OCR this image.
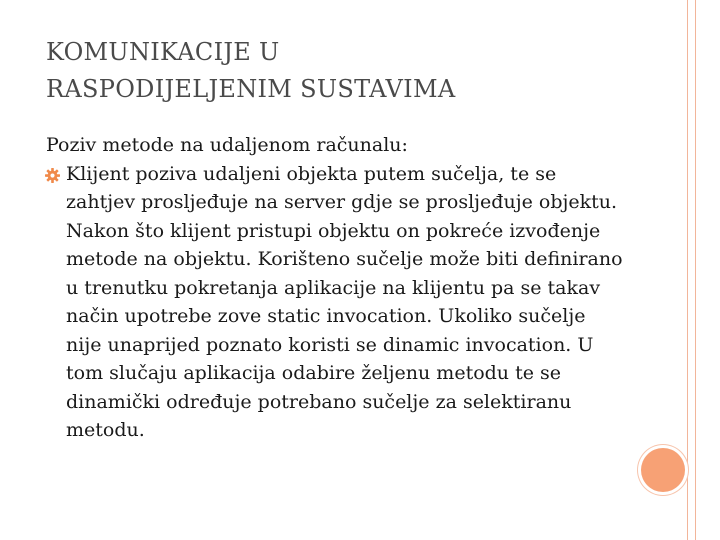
KOMUNIKACIJE U
RASPODIJELJENIM SUSTAVIMA

Poziv metode na udaljenom računalu:

Klijent poziva udaljeni objekta putem sučelja, te se zahtjev prosljeđuje na server gdje se prosljeđuje objektu. Nakon što klijent pristupi objektu on pokreće izvođenje metode na objektu. Korišteno sučelje može biti definirano u trenutku pokretanja aplikacije na klijentu pa se takav način upotrebe zove static invocation. Ukoliko sučelje nije unaprijed poznato koristi se dinamic invocation. U tom slučaju aplikacija odabire željenu metodu te se dinamički određuje potrebano sučelje za selektiranu metodu.
